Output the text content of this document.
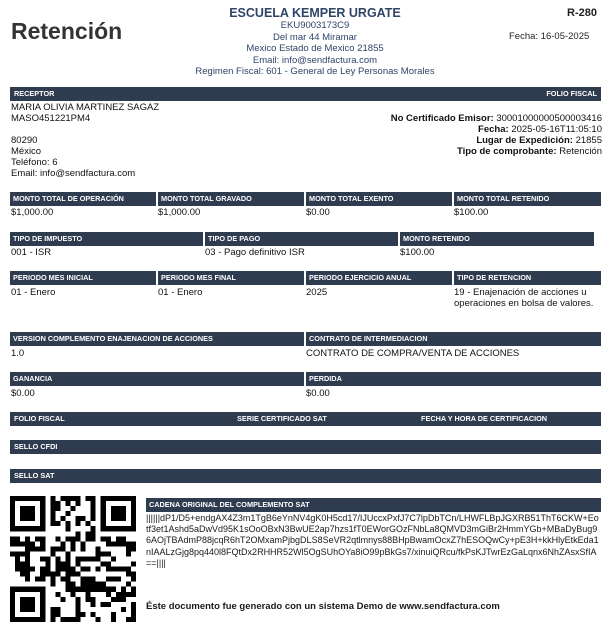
Retención
ESCUELA KEMPER URGATE
EKU9003173C9
Del mar 44 Miramar
Mexico Estado de Mexico 21855
Email: info@sendfactura.com
Regimen Fiscal: 601 - General de Ley Personas Morales
R-280
Fecha: 16-05-2025
RECEPTOR	FOLIO FISCAL
MARIA OLIVIA MARTINEZ SAGAZ
MASO451221PM4
80290
México
Teléfono: 6
Email: info@sendfactura.com
No Certificado Emisor: 30001000000500003416
Fecha: 2025-05-16T11:05:10
Lugar de Expedición: 21855
Tipo de comprobante: Retención
MONTO TOTAL DE OPERACIÓN	MONTO TOTAL GRAVADO	MONTO TOTAL EXENTO	MONTO TOTAL RETENIDO
$1,000.00	$1,000.00	$0.00	$100.00
TIPO DE IMPUESTO	TIPO DE PAGO	MONTO RETENIDO
001 - ISR	03 - Pago definitivo ISR	$100.00
PERIODO MES INICIAL	PERIODO MES FINAL	PERIODO EJERCICIO ANUAL	TIPO DE RETENCION
01 - Enero	01 - Enero	2025	19 - Enajenación de acciones u operaciones en bolsa de valores.
VERSION COMPLEMENTO ENAJENACION DE ACCIONES	CONTRATO DE INTERMEDIACION
1.0	CONTRATO DE COMPRA/VENTA DE ACCIONES
GANANCIA	PERDIDA
$0.00	$0.00
FOLIO FISCAL	SERIE CERTIFICADO SAT	FECHA Y HORA DE CERTIFICACION
SELLO CFDI
SELLO SAT
CADENA ORIGINAL DEL COMPLEMENTO SAT
||||||dP1/D5+endgAX4Z3m1TgB6eYnNV4gK0H5cd17/IJUccxPxfJ7C7lpDbTCn/LHWFLBpJGXRB51ThT6CKW+Eotf3et1Ashd5aDwVd95K1sOoOBxN3BwUE2ap7hzs1fT0EWorGOzFNbLa8QMVD3mGiBr2HmmYGb+MBaDyBug96AOjTBAdmP88jcqR6hT2OMxamPjbgDLS8SeVR2qtlmnys88BHpBwamOcxZ7hESOQwCy+pE3H+kkHlyEtkEda1nIAALzGjg8pq440l8FQtDx2RHHR52Wl5OgSUhOYa8iO99pBkGs7/xinuiQRcu/fkPsKJTwrEzGaLqnx6NhZAsxSfIA==||||
Éste documento fue generado con un sistema Demo de www.sendfactura.com
